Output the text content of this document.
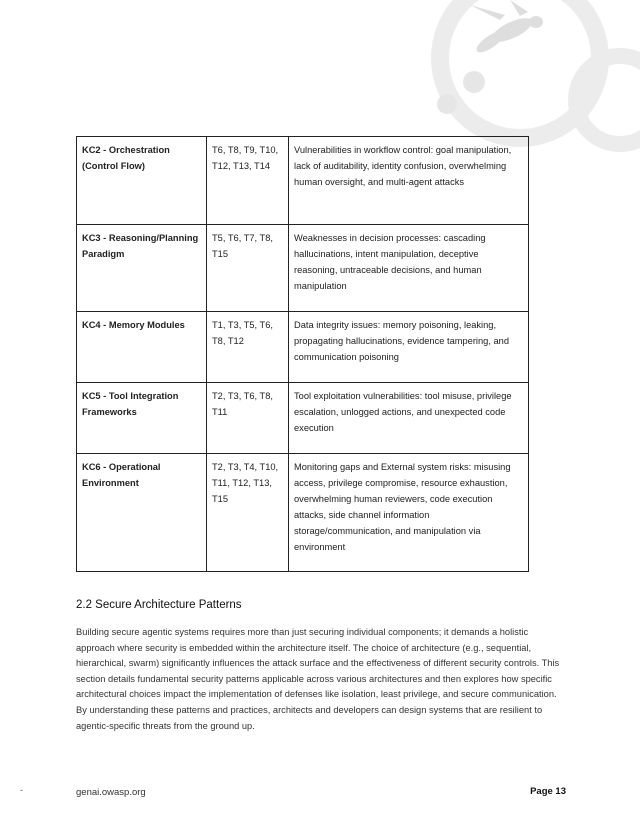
KC2 - Orchestration (Control Flow)	T6, T8, T9, T10, T12, T13, T14	Vulnerabilities in workflow control: goal manipulation, lack of auditability, identity confusion, overwhelming human oversight, and multi-agent attacks
KC3 - Reasoning/Planning Paradigm	T5, T6, T7, T8, T15	Weaknesses in decision processes: cascading hallucinations, intent manipulation, deceptive reasoning, untraceable decisions, and human manipulation
KC4 - Memory Modules	T1, T3, T5, T6, T8, T12	Data integrity issues: memory poisoning, leaking, propagating hallucinations, evidence tampering, and communication poisoning
KC5 - Tool Integration Frameworks	T2, T3, T6, T8, T11	Tool exploitation vulnerabilities: tool misuse, privilege escalation, unlogged actions, and unexpected code execution
KC6 - Operational Environment	T2, T3, T4, T10, T11, T12, T13, T15	Monitoring gaps and External system risks: misusing access, privilege compromise, resource exhaustion, overwhelming human reviewers, code execution attacks, side channel information storage/communication, and manipulation via environment
2.2 Secure Architecture Patterns

Building secure agentic systems requires more than just securing individual components; it demands a holistic approach where security is embedded within the architecture itself. The choice of architecture (e.g., sequential, hierarchical, swarm) significantly influences the attack surface and the effectiveness of different security controls. This section details fundamental security patterns applicable across various architectures and then explores how specific architectural choices impact the implementation of defenses like isolation, least privilege, and secure communication. By understanding these patterns and practices, architects and developers can design systems that are resilient to agentic-specific threats from the ground up.

-	genai.owasp.org	Page 13
